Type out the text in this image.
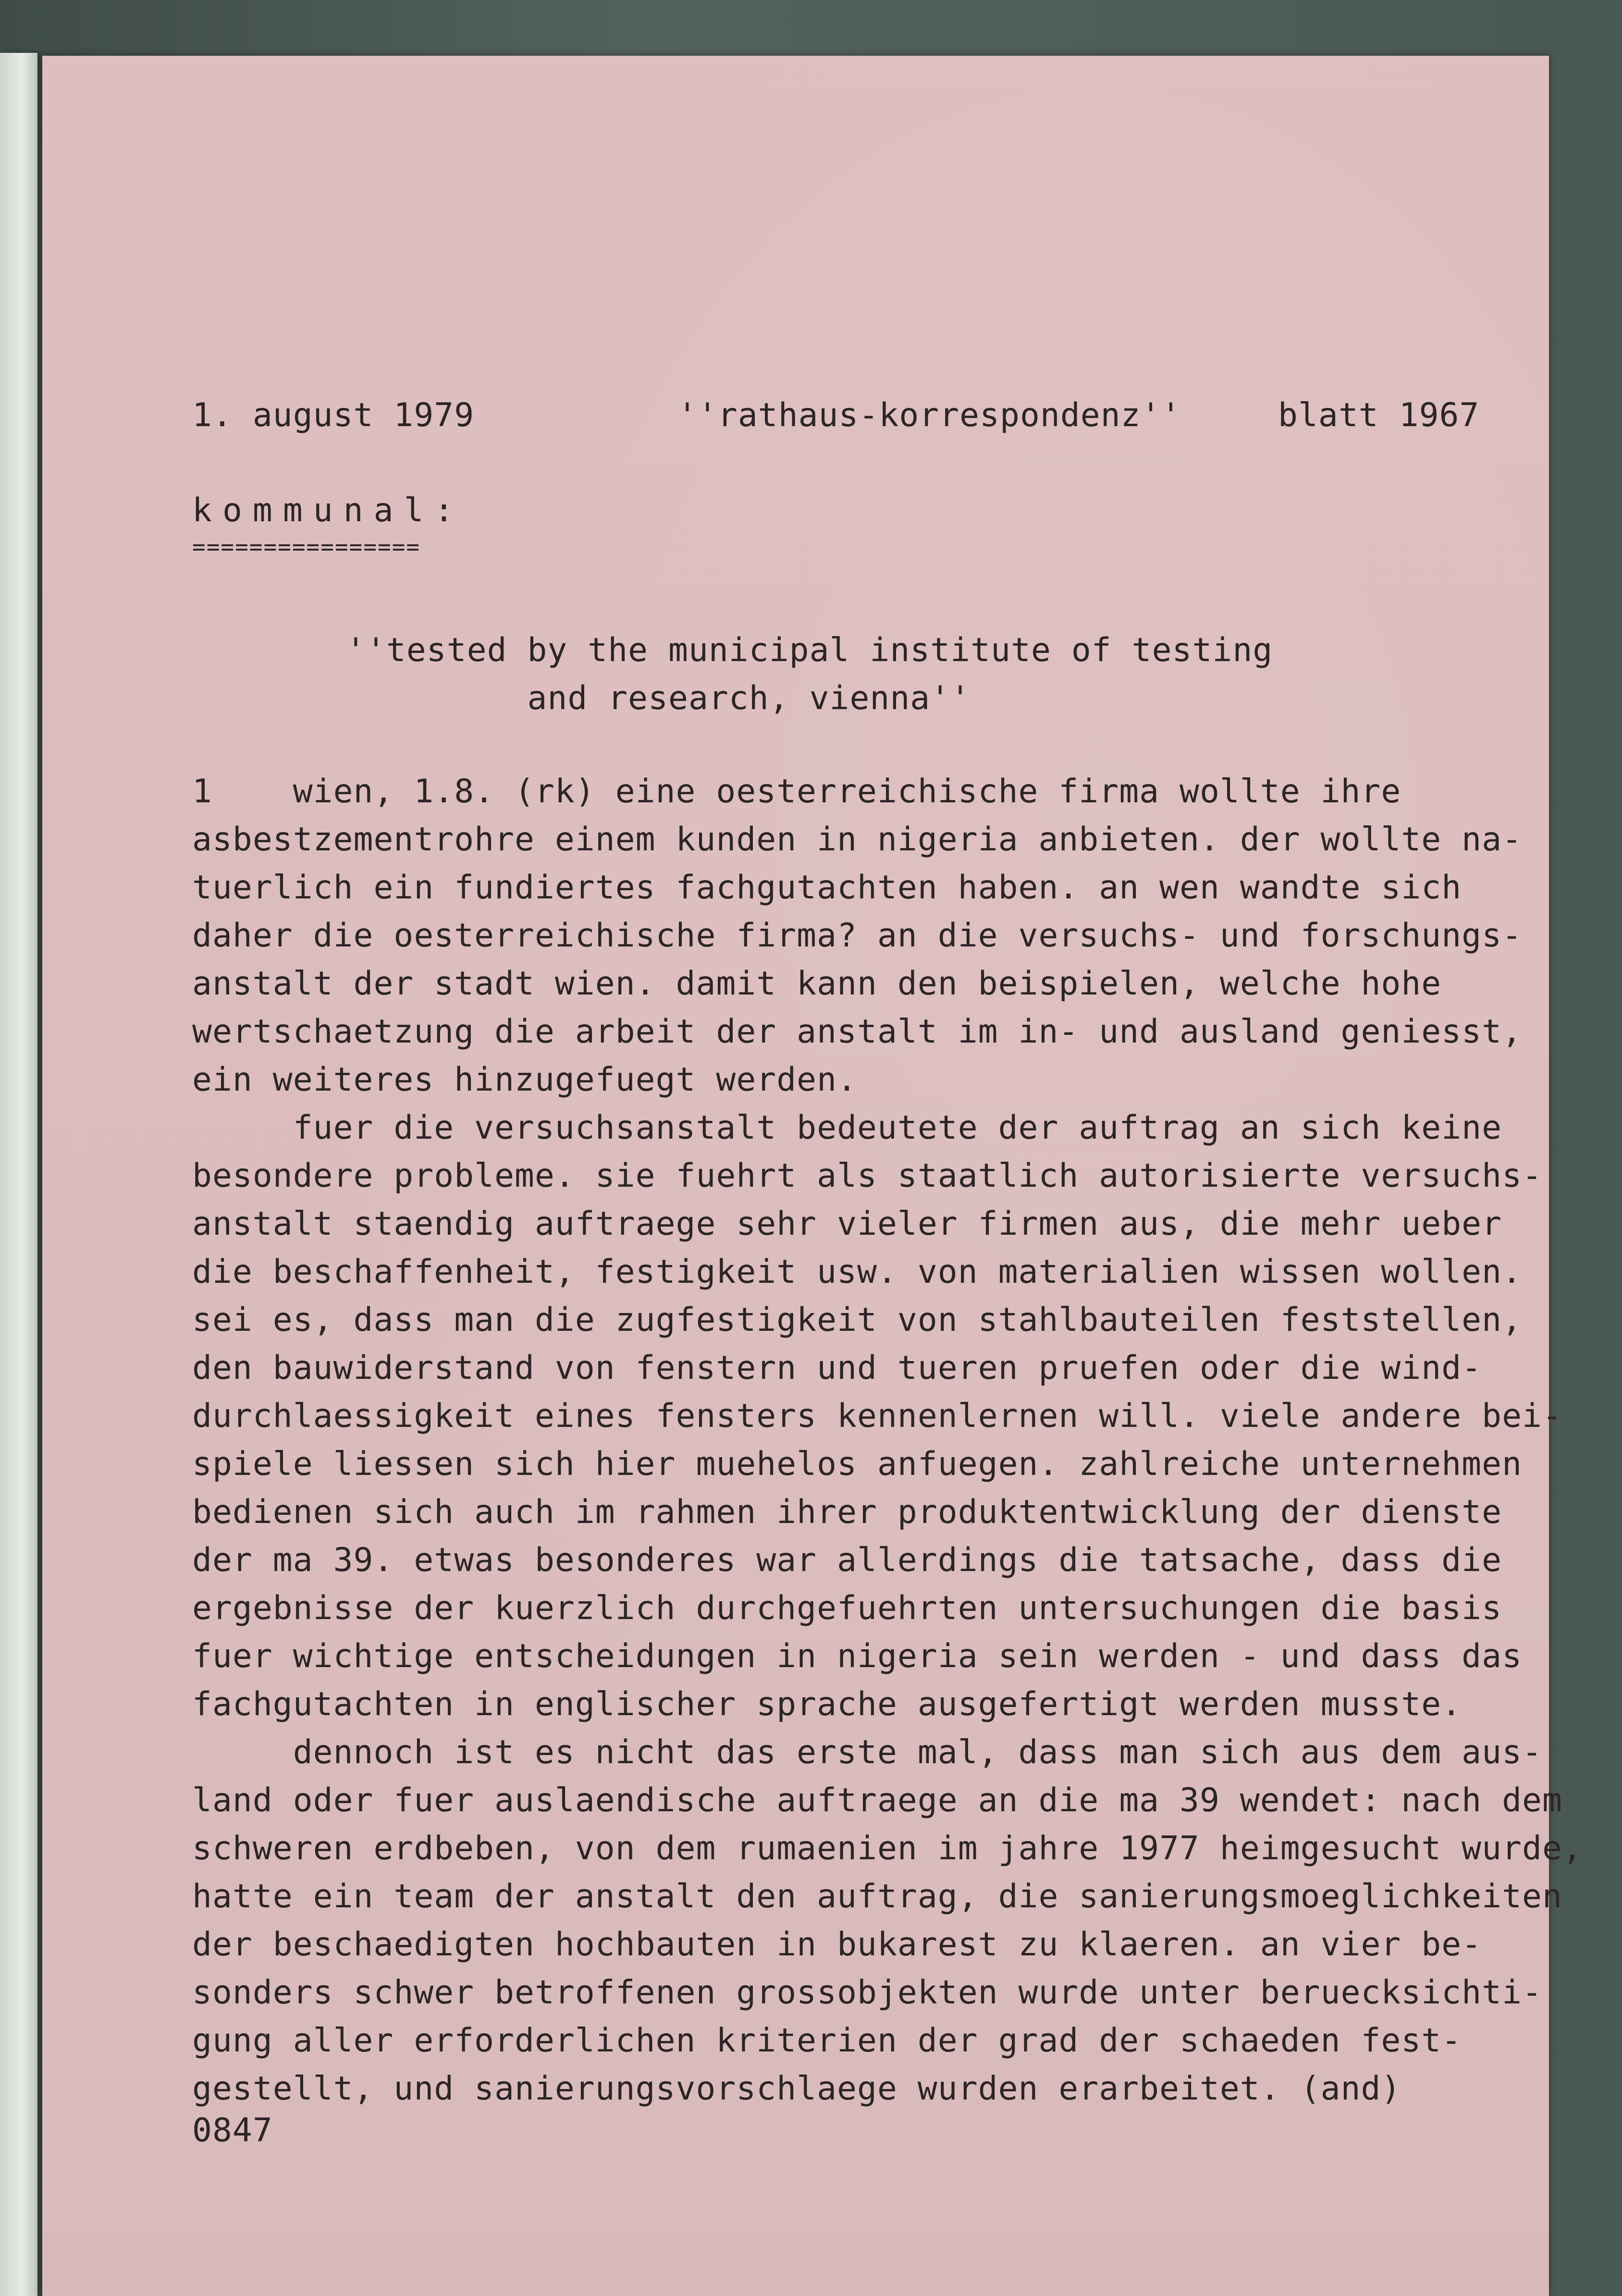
1. august 1979	''rathaus-korrespondenz''	blatt 1967
kommunal:
================
''tested by the municipal institute of testing
and research, vienna''
1    wien, 1.8. (rk) eine oesterreichische firma wollte ihre
asbestzementrohre einem kunden in nigeria anbieten. der wollte na-
tuerlich ein fundiertes fachgutachten haben. an wen wandte sich
daher die oesterreichische firma? an die versuchs- und forschungs-
anstalt der stadt wien. damit kann den beispielen, welche hohe
wertschaetzung die arbeit der anstalt im in- und ausland geniesst,
ein weiteres hinzugefuegt werden.
fuer die versuchsanstalt bedeutete der auftrag an sich keine
besondere probleme. sie fuehrt als staatlich autorisierte versuchs-
anstalt staendig auftraege sehr vieler firmen aus, die mehr ueber
die beschaffenheit, festigkeit usw. von materialien wissen wollen.
sei es, dass man die zugfestigkeit von stahlbauteilen feststellen,
den bauwiderstand von fenstern und tueren pruefen oder die wind-
durchlaessigkeit eines fensters kennenlernen will. viele andere bei-
spiele liessen sich hier muehelos anfuegen. zahlreiche unternehmen
bedienen sich auch im rahmen ihrer produktentwicklung der dienste
der ma 39. etwas besonderes war allerdings die tatsache, dass die
ergebnisse der kuerzlich durchgefuehrten untersuchungen die basis
fuer wichtige entscheidungen in nigeria sein werden - und dass das
fachgutachten in englischer sprache ausgefertigt werden musste.
dennoch ist es nicht das erste mal, dass man sich aus dem aus-
land oder fuer auslaendische auftraege an die ma 39 wendet: nach dem
schweren erdbeben, von dem rumaenien im jahre 1977 heimgesucht wurde,
hatte ein team der anstalt den auftrag, die sanierungsmoeglichkeiten
der beschaedigten hochbauten in bukarest zu klaeren. an vier be-
sonders schwer betroffenen grossobjekten wurde unter beruecksichti-
gung aller erforderlichen kriterien der grad der schaeden fest-
gestellt, und sanierungsvorschlaege wurden erarbeitet. (and)
0847
